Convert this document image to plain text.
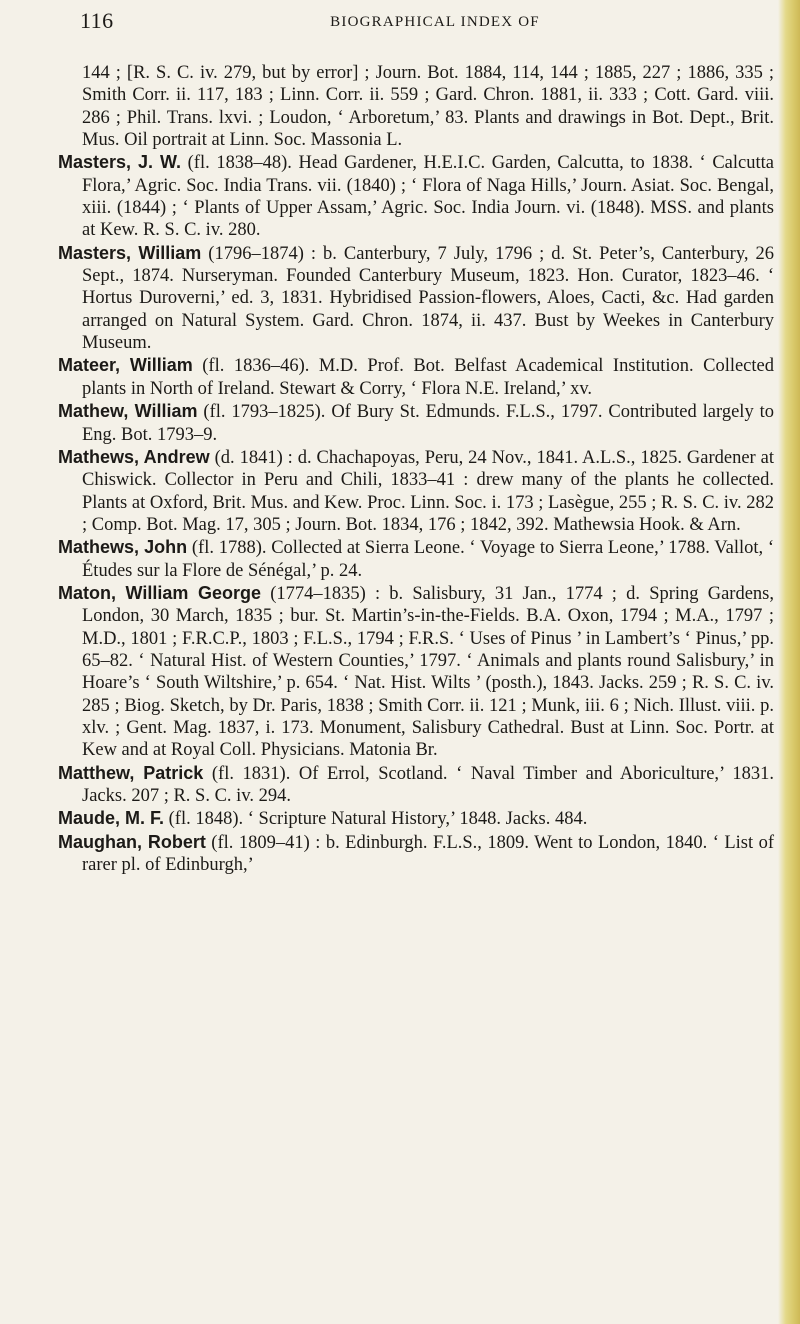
116	BIOGRAPHICAL INDEX OF

144 ; [R. S. C. iv. 279, but by error] ; Journ. Bot. 1884, 114, 144 ; 1885, 227 ; 1886, 335 ; Smith Corr. ii. 117, 183 ; Linn. Corr. ii. 559 ; Gard. Chron. 1881, ii. 333 ; Cott. Gard. viii. 286 ; Phil. Trans. lxvi. ; Loudon, ‘ Arboretum,’ 83. Plants and drawings in Bot. Dept., Brit. Mus. Oil portrait at Linn. Soc. Massonia L.

Masters, J. W. (fl. 1838–48). Head Gardener, H.E.I.C. Garden, Calcutta, to 1838. ‘ Calcutta Flora,’ Agric. Soc. India Trans. vii. (1840) ; ‘ Flora of Naga Hills,’ Journ. Asiat. Soc. Bengal, xiii. (1844) ; ‘ Plants of Upper Assam,’ Agric. Soc. India Journ. vi. (1848). MSS. and plants at Kew. R. S. C. iv. 280.

Masters, William (1796–1874) : b. Canterbury, 7 July, 1796 ; d. St. Peter’s, Canterbury, 26 Sept., 1874. Nurseryman. Founded Canterbury Museum, 1823. Hon. Curator, 1823–46. ‘ Hortus Duroverni,’ ed. 3, 1831. Hybridised Passion-flowers, Aloes, Cacti, &c. Had garden arranged on Natural System. Gard. Chron. 1874, ii. 437. Bust by Weekes in Canterbury Museum.

Mateer, William (fl. 1836–46). M.D. Prof. Bot. Belfast Academical Institution. Collected plants in North of Ireland. Stewart & Corry, ‘ Flora N.E. Ireland,’ xv.

Mathew, William (fl. 1793–1825). Of Bury St. Edmunds. F.L.S., 1797. Contributed largely to Eng. Bot. 1793–9.

Mathews, Andrew (d. 1841) : d. Chachapoyas, Peru, 24 Nov., 1841. A.L.S., 1825. Gardener at Chiswick. Collector in Peru and Chili, 1833–41 : drew many of the plants he collected. Plants at Oxford, Brit. Mus. and Kew. Proc. Linn. Soc. i. 173 ; Lasègue, 255 ; R. S. C. iv. 282 ; Comp. Bot. Mag. 17, 305 ; Journ. Bot. 1834, 176 ; 1842, 392. Mathewsia Hook. & Arn.

Mathews, John (fl. 1788). Collected at Sierra Leone. ‘ Voyage to Sierra Leone,’ 1788. Vallot, ‘ Études sur la Flore de Sénégal,’ p. 24.

Maton, William George (1774–1835) : b. Salisbury, 31 Jan., 1774 ; d. Spring Gardens, London, 30 March, 1835 ; bur. St. Martin’s-in-the-Fields. B.A. Oxon, 1794 ; M.A., 1797 ; M.D., 1801 ; F.R.C.P., 1803 ; F.L.S., 1794 ; F.R.S. ‘ Uses of Pinus ’ in Lambert’s ‘ Pinus,’ pp. 65–82. ‘ Natural Hist. of Western Counties,’ 1797. ‘ Animals and plants round Salisbury,’ in Hoare’s ‘ South Wiltshire,’ p. 654. ‘ Nat. Hist. Wilts ’ (posth.), 1843. Jacks. 259 ; R. S. C. iv. 285 ; Biog. Sketch, by Dr. Paris, 1838 ; Smith Corr. ii. 121 ; Munk, iii. 6 ; Nich. Illust. viii. p. xlv. ; Gent. Mag. 1837, i. 173. Monument, Salisbury Cathedral. Bust at Linn. Soc. Portr. at Kew and at Royal Coll. Physicians. Matonia Br.

Matthew, Patrick (fl. 1831). Of Errol, Scotland. ‘ Naval Timber and Aboriculture,’ 1831. Jacks. 207 ; R. S. C. iv. 294.

Maude, M. F. (fl. 1848). ‘ Scripture Natural History,’ 1848. Jacks. 484.

Maughan, Robert (fl. 1809–41) : b. Edinburgh. F.L.S., 1809. Went to London, 1840. ‘ List of rarer pl. of Edinburgh,’
